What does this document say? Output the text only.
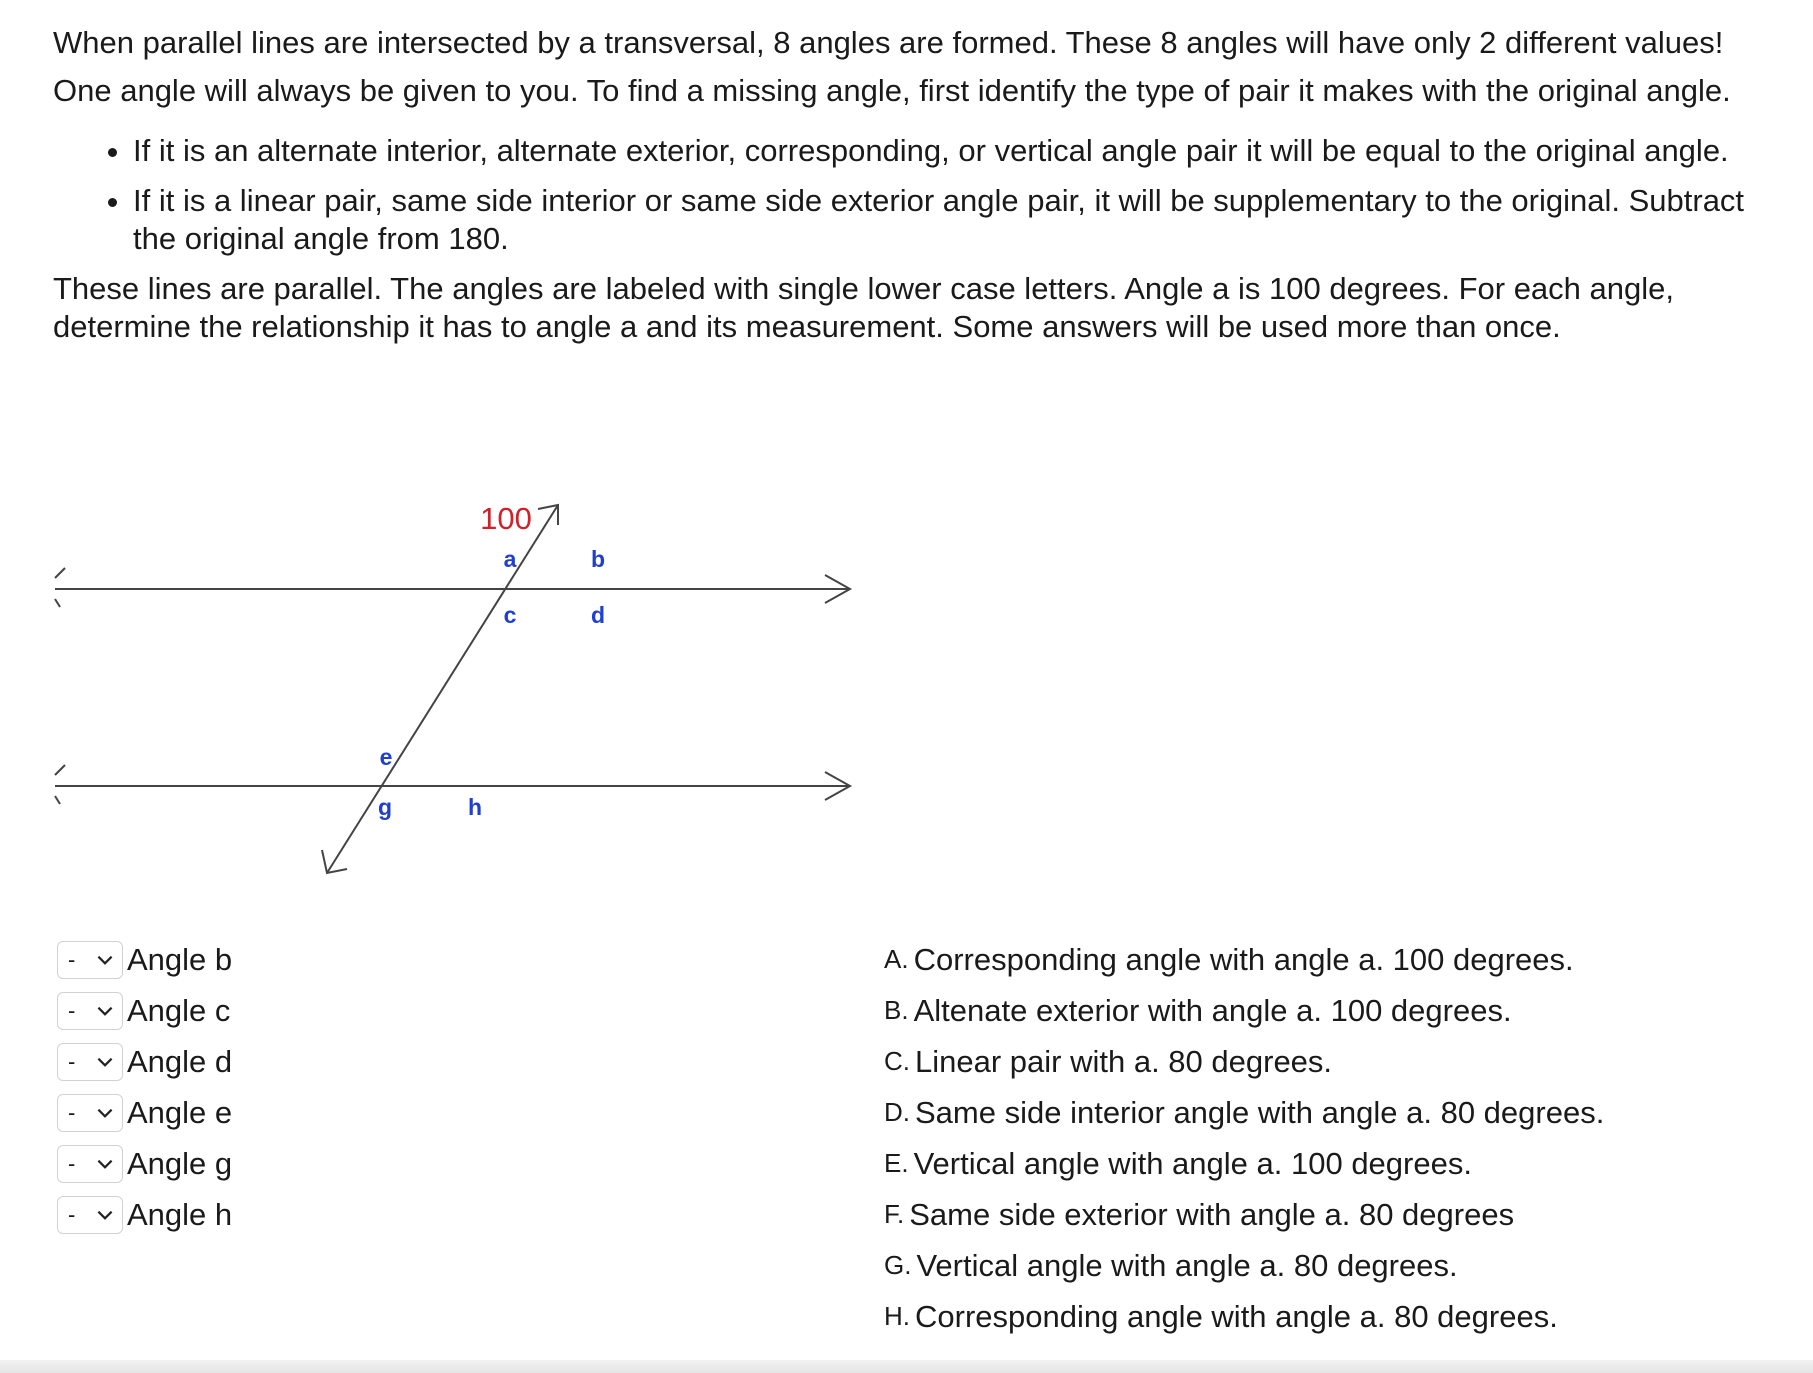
When parallel lines are intersected by a transversal, 8 angles are formed. These 8 angles will have only 2 different values!

One angle will always be given to you. To find a missing angle, first identify the type of pair it makes with the original angle.

• If it is an alternate interior, alternate exterior, corresponding, or vertical angle pair it will be equal to the original angle.
• If it is a linear pair, same side interior or same side exterior angle pair, it will be supplementary to the original. Subtract the original angle from 180.

These lines are parallel. The angles are labeled with single lower case letters. Angle a is 100 degrees. For each angle, determine the relationship it has to angle a and its measurement. Some answers will be used more than once.

100
a	b
c	d
e
g	h
-	Angle b
-	Angle c
-	Angle d
-	Angle e
-	Angle g
-	Angle h
A. Corresponding angle with angle a. 100 degrees.
B. Altenate exterior with angle a. 100 degrees.
C. Linear pair with a. 80 degrees.
D. Same side interior angle with angle a. 80 degrees.
E. Vertical angle with angle a. 100 degrees.
F. Same side exterior with angle a. 80 degrees
G. Vertical angle with angle a. 80 degrees.
H. Corresponding angle with angle a. 80 degrees.
